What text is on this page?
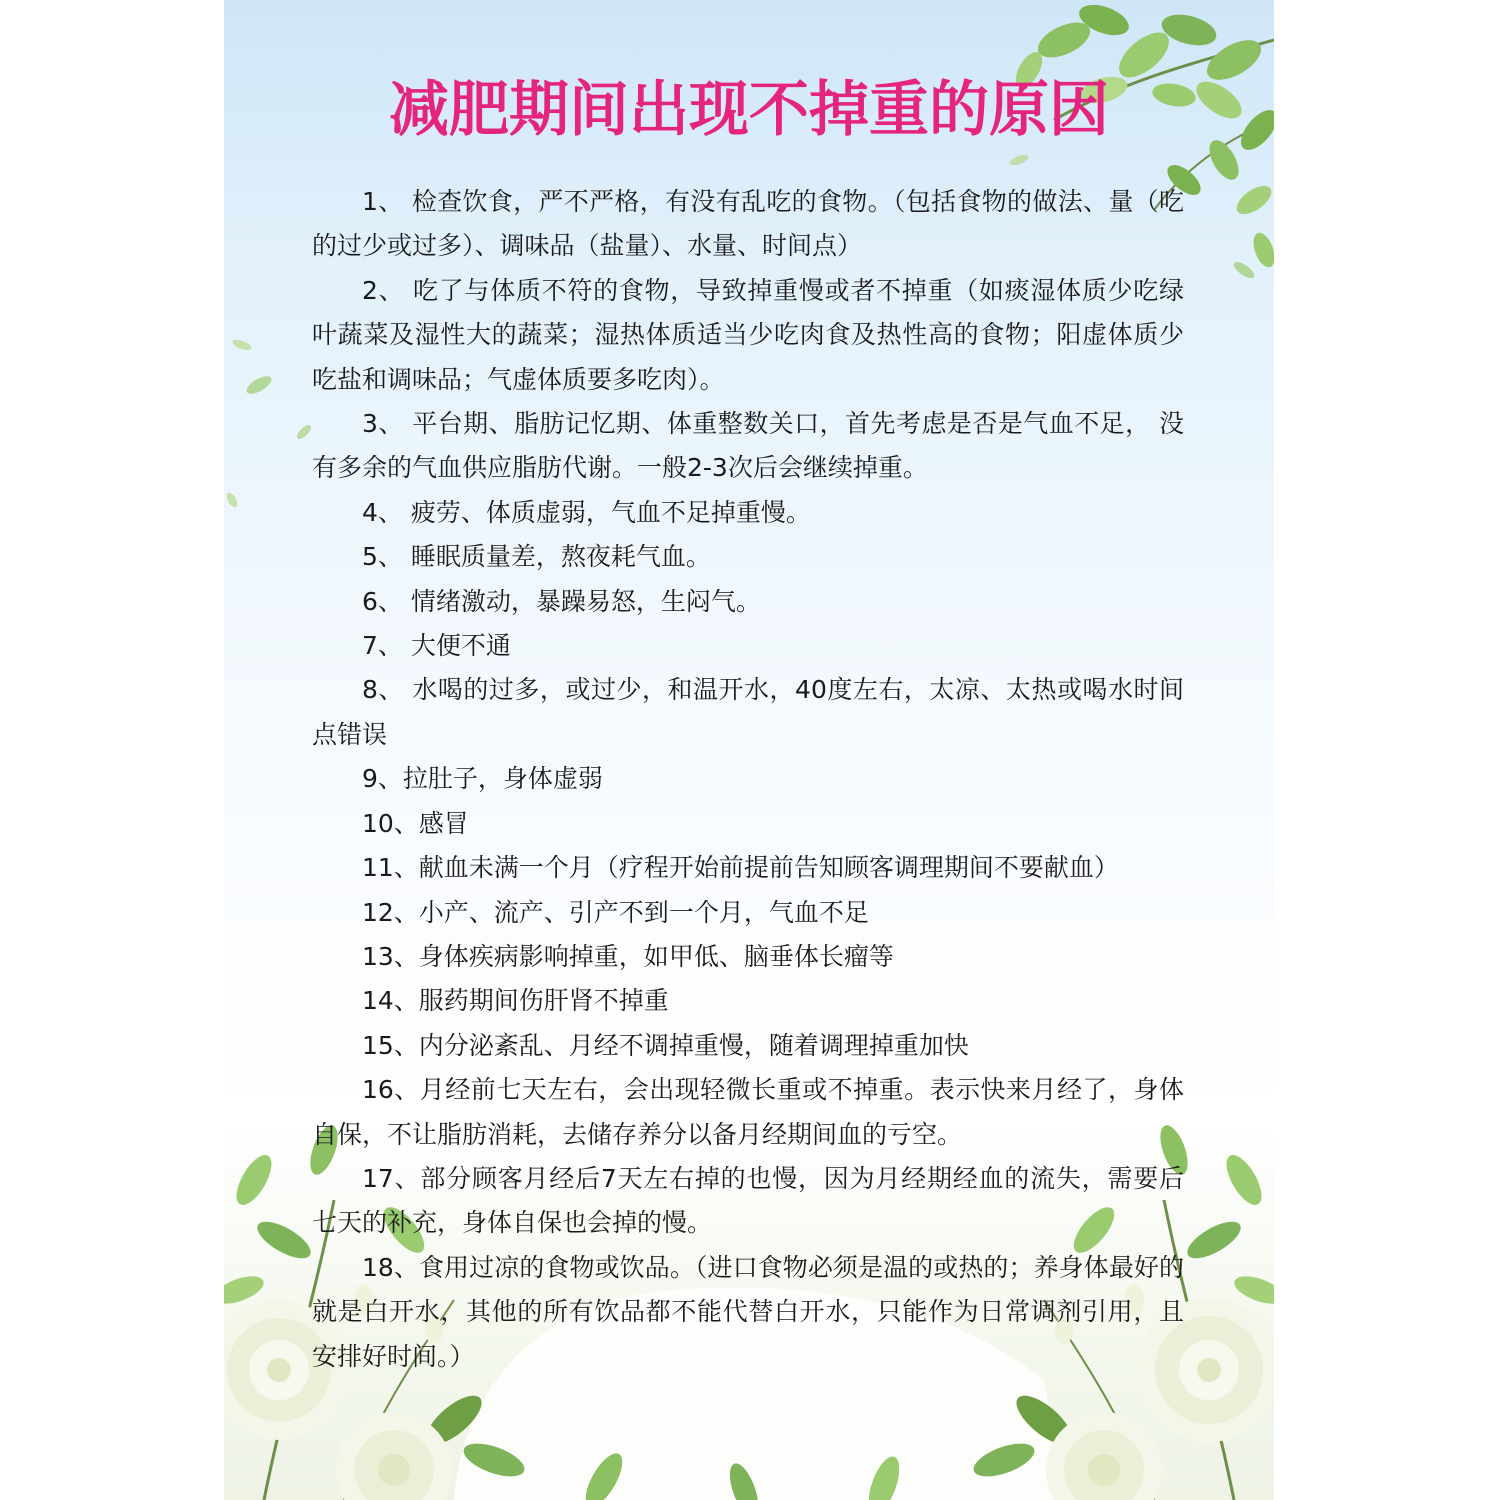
减肥期间出现不掉重的原因

1、 检查饮食，严不严格，有没有乱吃的食物。（包括食物的做法、量（吃的过少或过多）、调味品（盐量）、水量、时间点）

2、 吃了与体质不符的食物，导致掉重慢或者不掉重（如痰湿体质少吃绿叶蔬菜及湿性大的蔬菜；湿热体质适当少吃肉食及热性高的食物；阳虚体质少吃盐和调味品；气虚体质要多吃肉）。

3、 平台期、脂肪记忆期、体重整数关口，首先考虑是否是气血不足， 没有多余的气血供应脂肪代谢。一般2-3次后会继续掉重。

4、 疲劳、体质虚弱，气血不足掉重慢。

5、 睡眠质量差，熬夜耗气血。

6、 情绪激动，暴躁易怒，生闷气。

7、 大便不通

8、 水喝的过多，或过少，和温开水，40度左右，太凉、太热或喝水时间点错误

9、拉肚子，身体虚弱

10、感冒

11、献血未满一个月（疗程开始前提前告知顾客调理期间不要献血）

12、小产、流产、引产不到一个月，气血不足

13、身体疾病影响掉重，如甲低、脑垂体长瘤等

14、服药期间伤肝肾不掉重

15、内分泌紊乱、月经不调掉重慢，随着调理掉重加快

16、月经前七天左右，会出现轻微长重或不掉重。表示快来月经了，身体自保，不让脂肪消耗，去储存养分以备月经期间血的亏空。

17、部分顾客月经后7天左右掉的也慢，因为月经期经血的流失，需要后七天的补充，身体自保也会掉的慢。

18、食用过凉的食物或饮品。（进口食物必须是温的或热的；养身体最好的就是白开水，其他的所有饮品都不能代替白开水，只能作为日常调剂引用，且安排好时间。）
